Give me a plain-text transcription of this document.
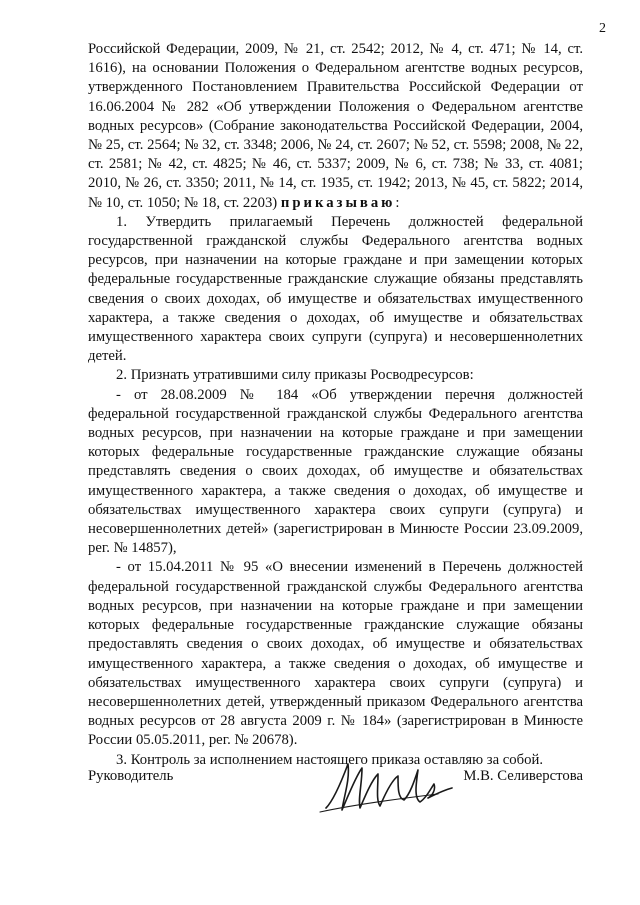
2

Российской Федерации, 2009, № 21, ст. 2542; 2012, № 4, ст. 471; № 14, ст. 1616), на основании Положения о Федеральном агентстве водных ресурсов, утвержденного Постановлением Правительства Российской Федерации от 16.06.2004 № 282 «Об утверждении Положения о Федеральном агентстве водных ресурсов» (Собрание законодательства Российской Федерации, 2004, № 25, ст. 2564; № 32, ст. 3348; 2006, № 24, ст. 2607; № 52, ст. 5598; 2008, № 22, ст. 2581; № 42, ст. 4825; № 46, ст. 5337; 2009, № 6, ст. 738; № 33, ст. 4081; 2010, № 26, ст. 3350; 2011, № 14, ст. 1935, ст. 1942; 2013, № 45, ст. 5822; 2014, № 10, ст. 1050; № 18, ст. 2203) приказываю:

1. Утвердить прилагаемый Перечень должностей федеральной государственной гражданской службы Федерального агентства водных ресурсов, при назначении на которые граждане и при замещении которых федеральные государственные гражданские служащие обязаны представлять сведения о своих доходах, об имуществе и обязательствах имущественного характера, а также сведения о доходах, об имуществе и обязательствах имущественного характера своих супруги (супруга) и несовершеннолетних детей.

2. Признать утратившими силу приказы Росводресурсов:

- от 28.08.2009 № 184 «Об утверждении перечня должностей федеральной государственной гражданской службы Федерального агентства водных ресурсов, при назначении на которые граждане и при замещении которых федеральные государственные гражданские служащие обязаны представлять сведения о своих доходах, об имуществе и обязательствах имущественного характера, а также сведения о доходах, об имуществе и обязательствах имущественного характера своих супруги (супруга) и несовершеннолетних детей» (зарегистрирован в Минюсте России 23.09.2009, рег. № 14857),

- от 15.04.2011 № 95 «О внесении изменений в Перечень должностей федеральной государственной гражданской службы Федерального агентства водных ресурсов, при назначении на которые граждане и при замещении которых федеральные государственные гражданские служащие обязаны предоставлять сведения о своих доходах, об имуществе и обязательствах имущественного характера, а также сведения о доходах, об имуществе и обязательствах имущественного характера своих супруги (супруга) и несовершеннолетних детей, утвержденный приказом Федерального агентства водных ресурсов от 28 августа 2009 г. № 184» (зарегистрирован в Минюсте России 05.05.2011, рег. № 20678).

3. Контроль за исполнением настоящего приказа оставляю за собой.

Руководитель	М.В. Селиверстова
